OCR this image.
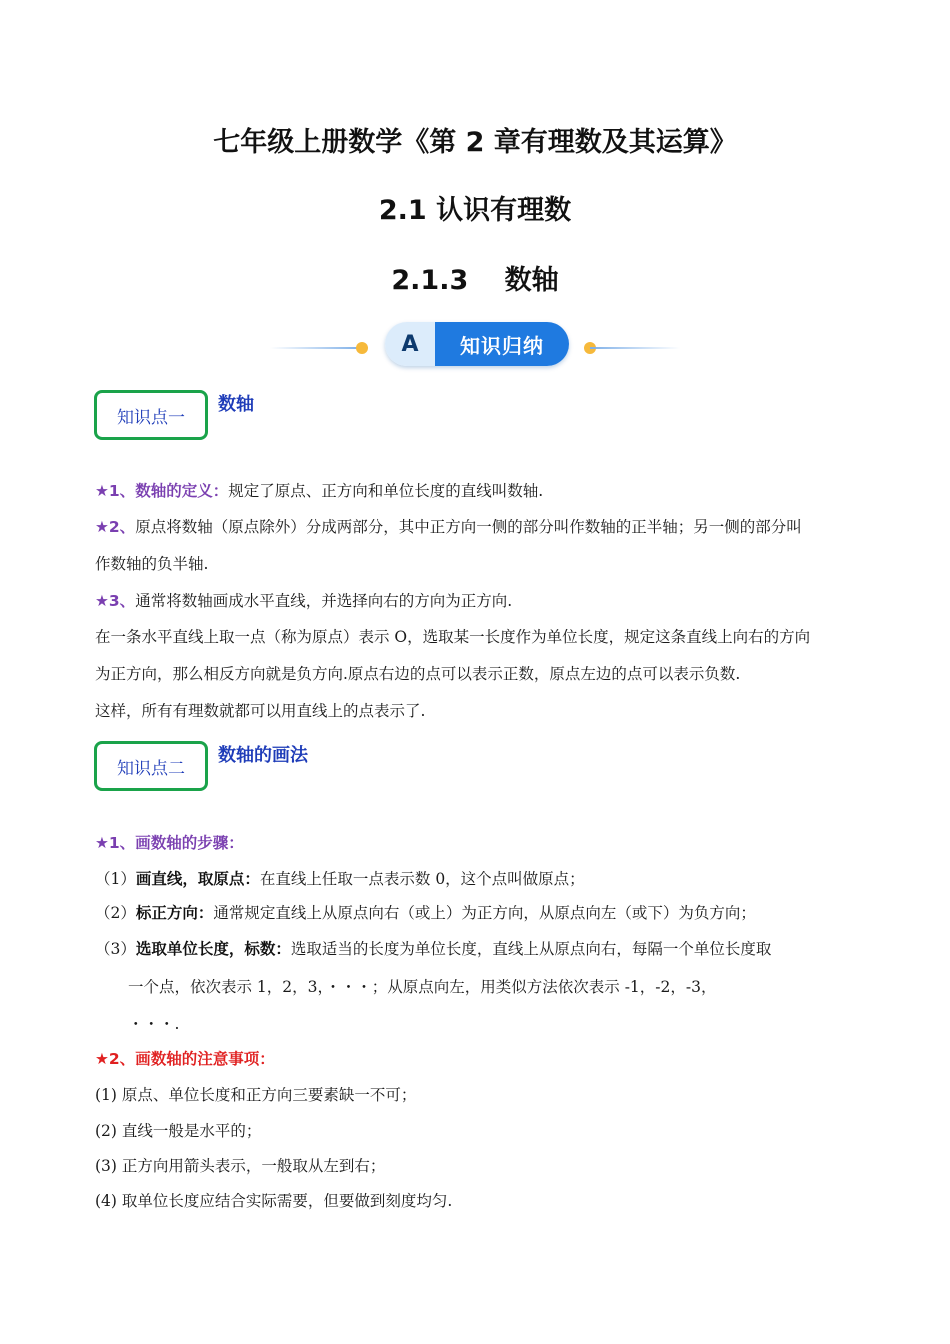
七年级上册数学《第 2 章有理数及其运算》
2.1 认识有理数
2.1.3　 数轴
A	知识归纳
知识点一
数轴
★1、数轴的定义：规定了原点、正方向和单位长度的直线叫数轴.
★2、原点将数轴（原点除外）分成两部分，其中正方向一侧的部分叫作数轴的正半轴；另一侧的部分叫
作数轴的负半轴.
★3、通常将数轴画成水平直线，并选择向右的方向为正方向.
在一条水平直线上取一点（称为原点）表示 O，选取某一长度作为单位长度，规定这条直线上向右的方向
为正方向，那么相反方向就是负方向.原点右边的点可以表示正数，原点左边的点可以表示负数.
这样，所有有理数就都可以用直线上的点表示了.
知识点二
数轴的画法
★1、画数轴的步骤：
（1）画直线，取原点：在直线上任取一点表示数 0，这个点叫做原点；
（2）标正方向：通常规定直线上从原点向右（或上）为正方向，从原点向左（或下）为负方向；
（3）选取单位长度，标数：选取适当的长度为单位长度，直线上从原点向右，每隔一个单位长度取
一个点，依次表示 1，2，3，・・・；从原点向左，用类似方法依次表示 -1，-2，-3，
・・・.
★2、画数轴的注意事项：
(1) 原点、单位长度和正方向三要素缺一不可；
(2) 直线一般是水平的；
(3) 正方向用箭头表示，一般取从左到右；
(4) 取单位长度应结合实际需要，但要做到刻度均匀.
